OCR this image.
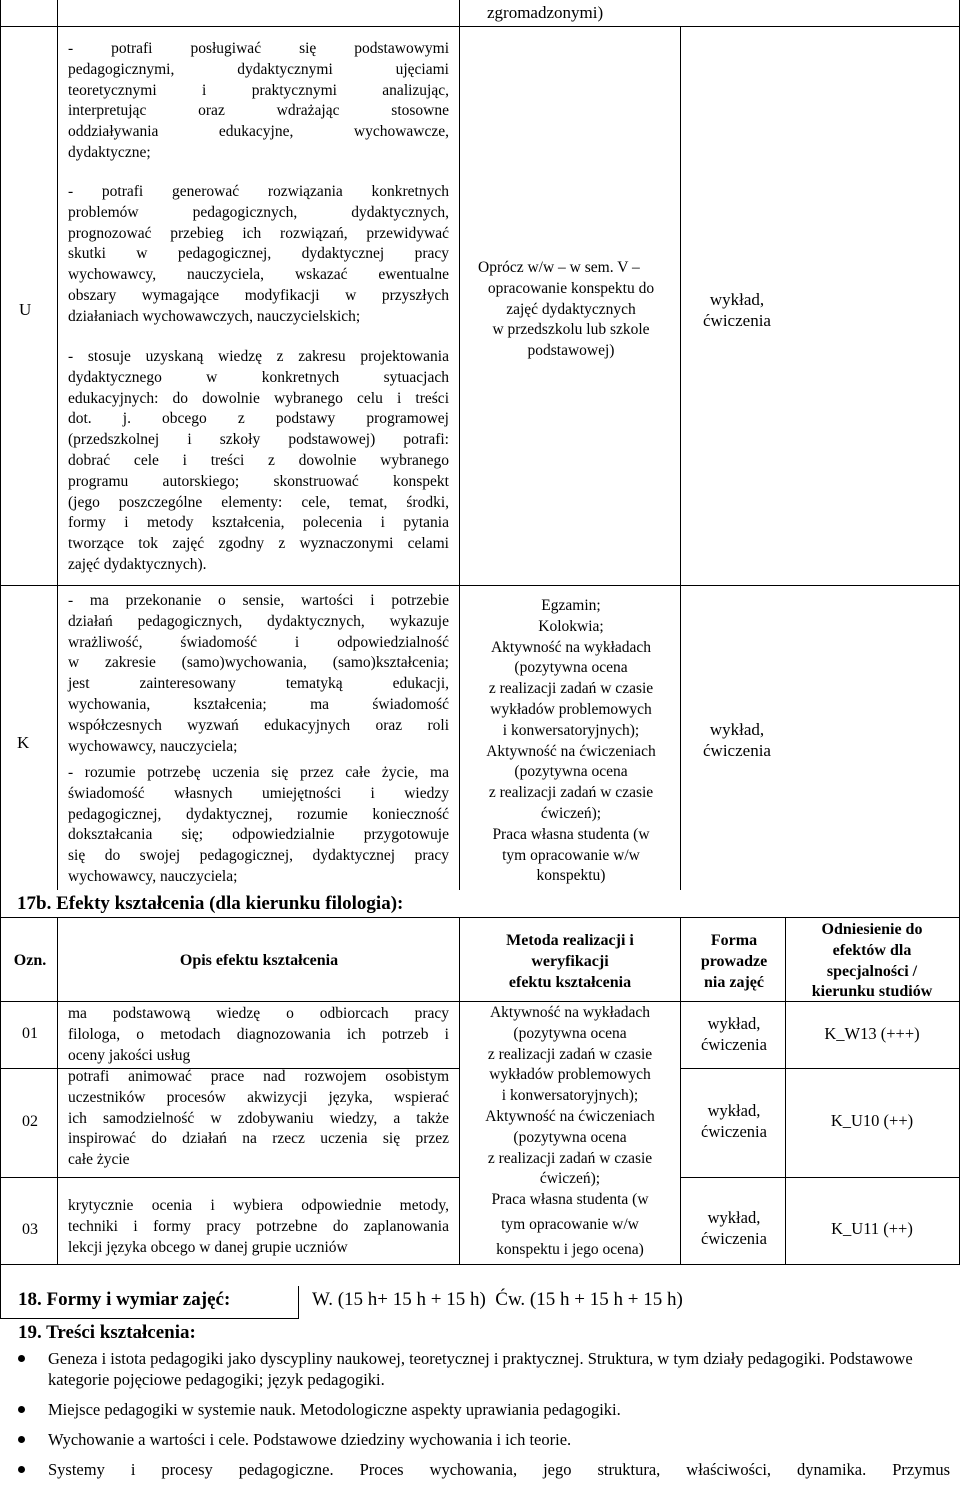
zgromadzonymi)
U
- potrafi posługiwać się podstawowymi
pedagogicznymi, dydaktycznymi ujęciami
teoretycznymi i praktycznymi analizując,
interpretując oraz wdrażając stosowne
oddziaływania edukacyjne, wychowawcze,
dydaktyczne;
- potrafi generować rozwiązania konkretnych
problemów pedagogicznych, dydaktycznych,
prognozować przebieg ich rozwiązań, przewidywać
skutki w pedagogicznej, dydaktycznej pracy
wychowawcy, nauczyciela, wskazać ewentualne
obszary wymagające modyfikacji w przyszłych
działaniach wychowawczych, nauczycielskich;
- stosuje uzyskaną wiedzę z zakresu projektowania
dydaktycznego w konkretnych sytuacjach
edukacyjnych: do dowolnie wybranego celu i treści
dot. j. obcego z podstawy programowej
(przedszkolnej i szkoły podstawowej) potrafi:
dobrać cele i treści z dowolnie wybranego
programu autorskiego; skonstruować konspekt
(jego poszczególne elementy: cele, temat, środki,
formy i metody kształcenia, polecenia i pytania
tworzące tok zajęć zgodny z wyznaczonymi celami
zajęć dydaktycznych).
Oprócz w/w – w sem. V –
opracowanie konspektu do
zajęć dydaktycznych
w przedszkolu lub szkole
podstawowej)
wykład,
ćwiczenia
K
- ma przekonanie o sensie, wartości i potrzebie
działań pedagogicznych, dydaktycznych, wykazuje
wrażliwość, świadomość i odpowiedzialność
w zakresie (samo)wychowania, (samo)kształcenia;
jest zainteresowany tematyką edukacji,
wychowania, kształcenia; ma świadomość
współczesnych wyzwań edukacyjnych oraz roli
wychowawcy, nauczyciela;
- rozumie potrzebę uczenia się przez całe życie, ma
świadomość własnych umiejętności i wiedzy
pedagogicznej, dydaktycznej, rozumie konieczność
dokształcania się; odpowiedzialnie przygotowuje
się do swojej pedagogicznej, dydaktycznej pracy
wychowawcy, nauczyciela;
Egzamin;
Kolokwia;
Aktywność na wykładach
(pozytywna ocena
z realizacji zadań w czasie
wykładów problemowych
i konwersatoryjnych);
Aktywność na ćwiczeniach
(pozytywna ocena
z realizacji zadań w czasie
ćwiczeń);
Praca własna studenta (w
tym opracowanie w/w
konspektu)
wykład,
ćwiczenia
17b. Efekty kształcenia (dla kierunku filologia):
Ozn.	Opis efektu kształcenia
Metoda realizacji i
weryfikacji
efektu kształcenia
Forma
prowadze
nia zajęć
Odniesienie do
efektów dla
specjalności /
kierunku studiów
01
ma podstawową wiedzę o odbiorcach pracy
filologa, o metodach diagnozowania ich potrzeb i
oceny jakości usług
wykład,
ćwiczenia
K_W13 (+++)
02
potrafi animować prace nad rozwojem osobistym
uczestników procesów akwizycji języka, wspierać
ich samodzielność w zdobywaniu wiedzy, a także
inspirować do działań na rzecz uczenia się przez
całe życie
wykład,
ćwiczenia
K_U10 (++)
03
krytycznie ocenia i wybiera odpowiednie metody,
techniki i formy pracy potrzebne do zaplanowania
lekcji języka obcego w danej grupie uczniów
wykład,
ćwiczenia
K_U11 (++)
Aktywność na wykładach
(pozytywna ocena
z realizacji zadań w czasie
wykładów problemowych
i konwersatoryjnych);
Aktywność na ćwiczeniach
(pozytywna ocena
z realizacji zadań w czasie
ćwiczeń);
Praca własna studenta (w
tym opracowanie w/w
konspektu i jego ocena)
18. Formy i wymiar zajęć:	W. (15 h+ 15 h + 15 h)  Ćw. (15 h + 15 h + 15 h)
19. Treści kształcenia:
Geneza i istota pedagogiki jako dyscypliny naukowej, teoretycznej i praktycznej. Struktura, w tym działy pedagogiki. Podstawowe kategorie pojęciowe pedagogiki; język pedagogiki.
Miejsce pedagogiki w systemie nauk. Metodologiczne aspekty uprawiania pedagogiki.
Wychowanie a wartości i cele. Podstawowe dziedziny wychowania i ich teorie.
Systemy i procesy pedagogiczne. Proces wychowania, jego struktura, właściwości, dynamika. Przymus
